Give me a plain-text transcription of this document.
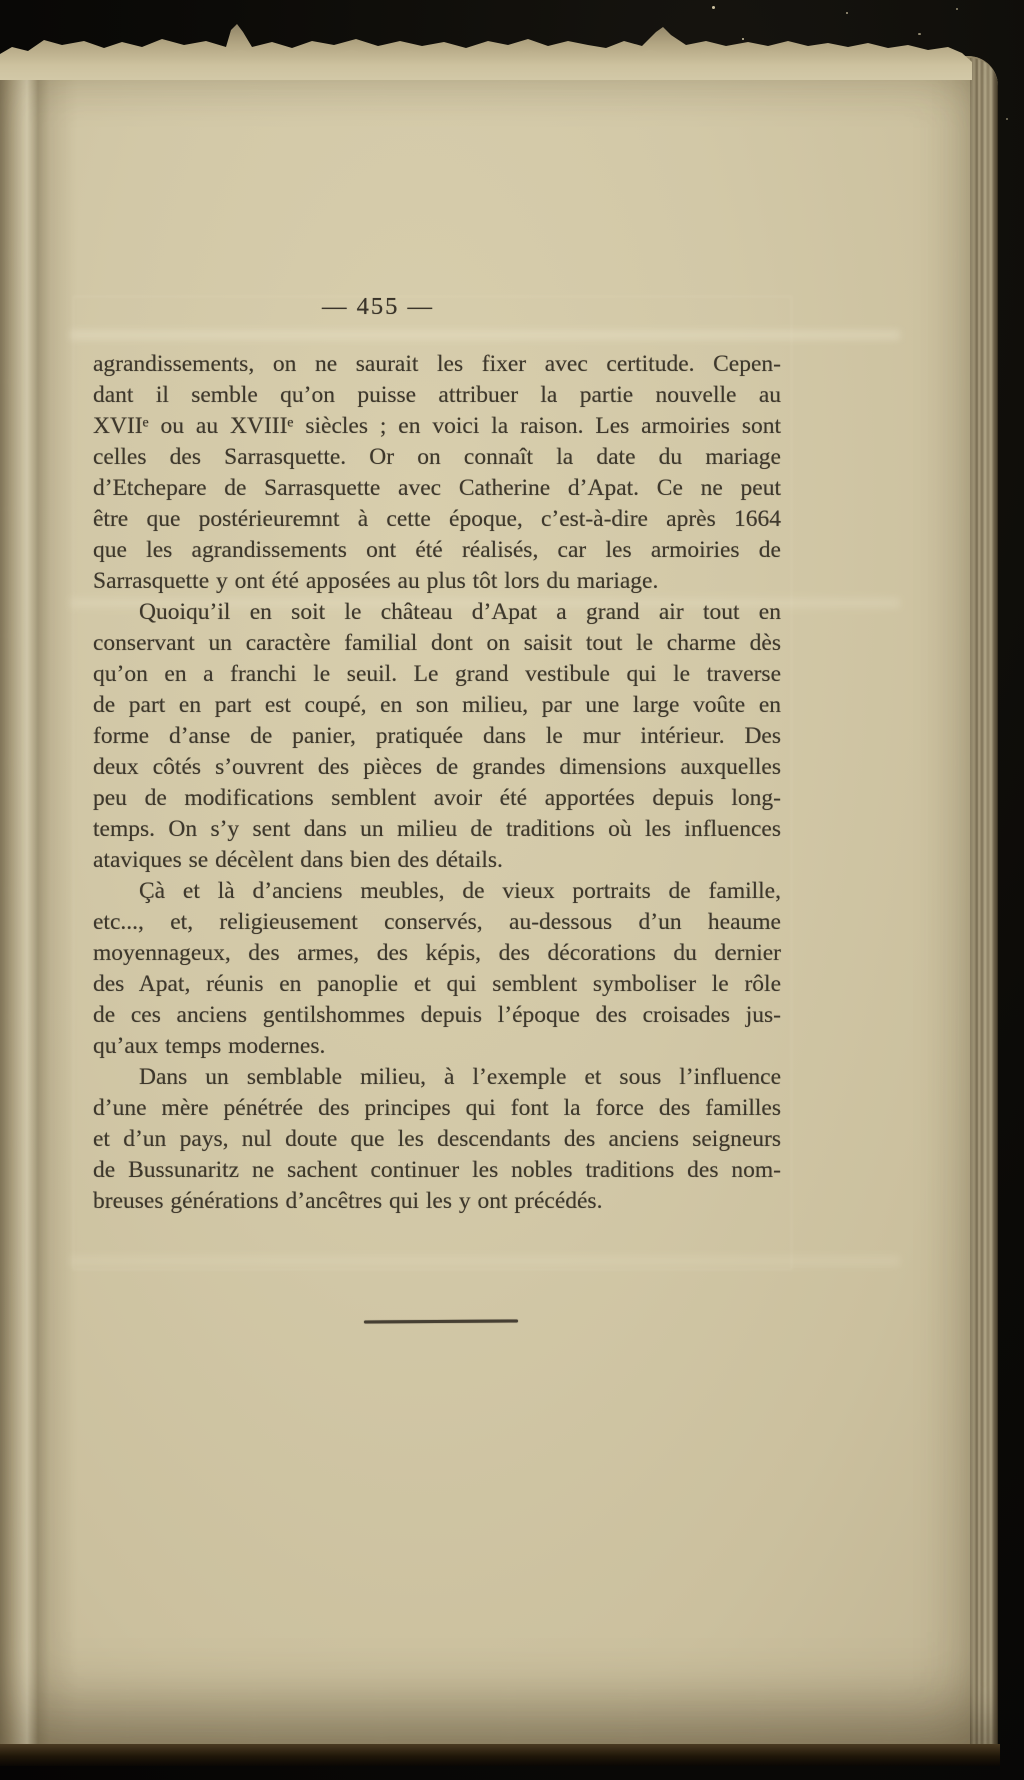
— 455 —
agrandissements, on ne saurait les fixer avec certitude. Cepen-
dant il semble qu’on puisse attribuer la partie nouvelle au
XVIIᵉ ou au XVIIIᵉ siècles ; en voici la raison. Les armoiries sont
celles des Sarrasquette. Or on connaît la date du mariage
d’Etchepare de Sarrasquette avec Catherine d’Apat. Ce ne peut
être que postérieuremnt à cette époque, c’est-à-dire après 1664
que les agrandissements ont été réalisés, car les armoiries de
Sarrasquette y ont été apposées au plus tôt lors du mariage.
Quoiqu’il en soit le château d’Apat a grand air tout en
conservant un caractère familial dont on saisit tout le charme dès
qu’on en a franchi le seuil. Le grand vestibule qui le traverse
de part en part est coupé, en son milieu, par une large voûte en
forme d’anse de panier, pratiquée dans le mur intérieur. Des
deux côtés s’ouvrent des pièces de grandes dimensions auxquelles
peu de modifications semblent avoir été apportées depuis long-
temps. On s’y sent dans un milieu de traditions où les influences
ataviques se décèlent dans bien des détails.
Çà et là d’anciens meubles, de vieux portraits de famille,
etc..., et, religieusement conservés, au-dessous d’un heaume
moyennageux, des armes, des képis, des décorations du dernier
des Apat, réunis en panoplie et qui semblent symboliser le rôle
de ces anciens gentilshommes depuis l’époque des croisades jus-
qu’aux temps modernes.
Dans un semblable milieu, à l’exemple et sous l’influence
d’une mère pénétrée des principes qui font la force des familles
et d’un pays, nul doute que les descendants des anciens seigneurs
de Bussunaritz ne sachent continuer les nobles traditions des nom-
breuses générations d’ancêtres qui les y ont précédés.
